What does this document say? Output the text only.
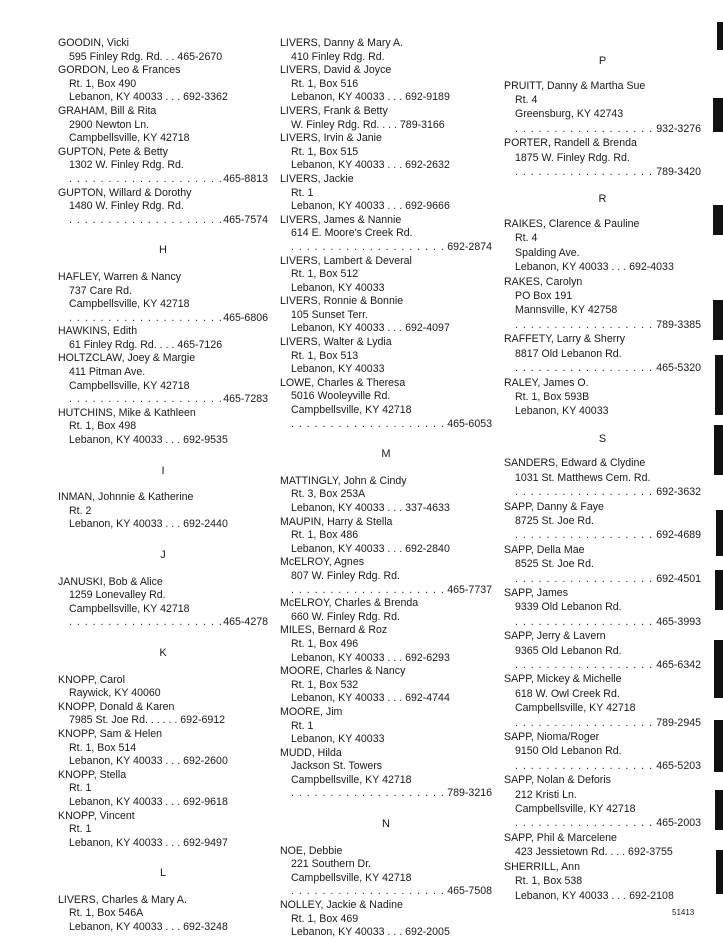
GOODIN, Vicki
595 Finley Rdg. Rd. . . 465-2670
GORDON, Leo & Frances
Rt. 1, Box 490
Lebanon, KY 40033 . . . 692-3362
GRAHAM, Bill & Rita
2900 Newton Ln.
Campbellsville, KY 42718
GUPTON, Pete & Betty
1302 W. Finley Rdg. Rd.
. . .
465-8813
GUPTON, Willard & Dorothy
1480 W. Finley Rdg. Rd.
. . .
465-7574
H
HAFLEY, Warren & Nancy
737 Care Rd.
Campbellsville, KY 42718
. . .
465-6806
HAWKINS, Edith
61 Finley Rdg. Rd. . . . 465-7126
HOLTZCLAW, Joey & Margie
411 Pitman Ave.
Campbellsville, KY 42718
. . .
465-7283
HUTCHINS, Mike & Kathleen
Rt. 1, Box 498
Lebanon, KY 40033 . . . 692-9535
I
INMAN, Johnnie & Katherine
Rt. 2
Lebanon, KY 40033 . . . 692-2440
J
JANUSKI, Bob & Alice
1259 Lonevalley Rd.
Campbellsville, KY 42718
. . .
465-4278
K
KNOPP, Carol
Raywick, KY 40060
KNOPP, Donald & Karen
7985 St. Joe Rd. . . . . . 692-6912
KNOPP, Sam & Helen
Rt. 1, Box 514
Lebanon, KY 40033 . . . 692-2600
KNOPP, Stella
Rt. 1
Lebanon, KY 40033 . . . 692-9618
KNOPP, Vincent
Rt. 1
Lebanon, KY 40033 . . . 692-9497
L
LIVERS, Charles & Mary A.
Rt. 1, Box 546A
Lebanon, KY 40033 . . . 692-3248
LIVERS, Danny & Mary A.
410 Finley Rdg. Rd.
LIVERS, David & Joyce
Rt. 1, Box 516
Lebanon, KY 40033 . . . 692-9189
LIVERS, Frank & Betty
W. Finley Rdg. Rd. . . . 789-3166
LIVERS, Irvin & Janie
Rt. 1, Box 515
Lebanon, KY 40033 . . . 692-2632
LIVERS, Jackie
Rt. 1
Lebanon, KY 40033 . . . 692-9666
LIVERS, James & Nannie
614 E. Moore's Creek Rd.
. . .
692-2874
LIVERS, Lambert & Deveral
Rt. 1, Box 512
Lebanon, KY 40033
LIVERS, Ronnie & Bonnie
105 Sunset Terr.
Lebanon, KY 40033 . . . 692-4097
LIVERS, Walter & Lydia
Rt. 1, Box 513
Lebanon, KY 40033
LOWE, Charles & Theresa
5016 Wooleyville Rd.
Campbellsville, KY 42718
. . .
465-6053
M
MATTINGLY, John & Cindy
Rt. 3, Box 253A
Lebanon, KY 40033 . . . 337-4633
MAUPIN, Harry & Stella
Rt. 1, Box 486
Lebanon, KY 40033 . . . 692-2840
McELROY, Agnes
807 W. Finley Rdg. Rd.
. . .
465-7737
McELROY, Charles & Brenda
660 W. Finley Rdg. Rd.
MILES, Bernard & Roz
Rt. 1, Box 496
Lebanon, KY 40033 . . . 692-6293
MOORE, Charles & Nancy
Rt. 1, Box 532
Lebanon, KY 40033 . . . 692-4744
MOORE, Jim
Rt. 1
Lebanon, KY 40033
MUDD, Hilda
Jackson St. Towers
Campbellsville, KY 42718
. . .
789-3216
N
NOE, Debbie
221 Southern Dr.
Campbellsville, KY 42718
. . .
465-7508
NOLLEY, Jackie & Nadine
Rt. 1, Box 469
Lebanon, KY 40033 . . . 692-2005
P
PRUITT, Danny & Martha Sue
Rt. 4
Greensburg, KY 42743
. . .
932-3276
PORTER, Randell & Brenda
1875 W. Finley Rdg. Rd.
. . .
789-3420
R
RAIKES, Clarence & Pauline
Rt. 4
Spalding Ave.
Lebanon, KY 40033 . . . 692-4033
RAKES, Carolyn
PO Box 191
Mannsville, KY 42758
. . .
789-3385
RAFFETY, Larry & Sherry
8817 Old Lebanon Rd.
. . .
465-5320
RALEY, James O.
Rt. 1, Box 593B
Lebanon, KY 40033
S
SANDERS, Edward & Clydine
1031 St. Matthews Cem. Rd.
. . .
692-3632
SAPP, Danny & Faye
8725 St. Joe Rd.
. . .
692-4689
SAPP, Della Mae
8525 St. Joe Rd.
. . .
692-4501
SAPP, James
9339 Old Lebanon Rd.
. . .
465-3993
SAPP, Jerry & Lavern
9365 Old Lebanon Rd.
. . .
465-6342
SAPP, Mickey & Michelle
618 W. Owl Creek Rd.
Campbellsville, KY 42718
. . .
789-2945
SAPP, Nioma/Roger
9150 Old Lebanon Rd.
. . .
465-5203
SAPP, Nolan & Deforis
212 Kristi Ln.
Campbellsville, KY 42718
. . .
465-2003
SAPP, Phil & Marcelene
423 Jessietown Rd. . . . 692-3755
SHERRILL, Ann
Rt. 1, Box 538
Lebanon, KY 40033 . . . 692-2108
51413
